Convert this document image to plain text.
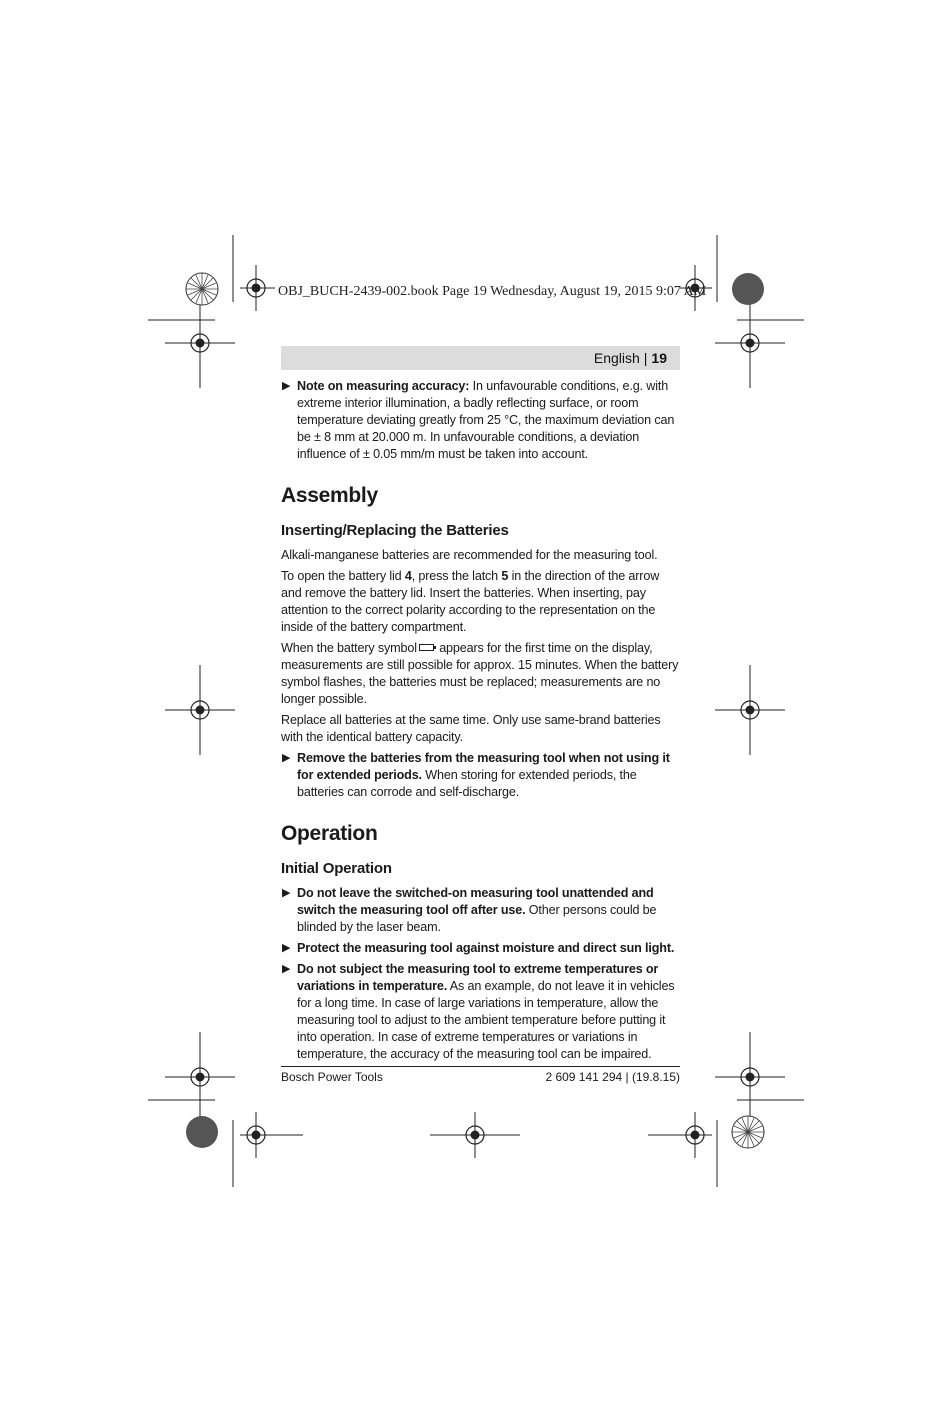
OBJ_BUCH-2439-002.book Page 19 Wednesday, August 19, 2015 9:07 AM
English | 19
▶ Note on measuring accuracy: In unfavourable conditions, e.g. with extreme interior illumination, a badly reflecting surface, or room temperature deviating greatly from 25 °C, the maximum deviation can be ± 8 mm at 20.000 m. In unfavourable conditions, a deviation influence of ± 0.05 mm/m must be taken into account.
Assembly
Inserting/Replacing the Batteries

Alkali-manganese batteries are recommended for the measuring tool.

To open the battery lid 4, press the latch 5 in the direction of the arrow and remove the battery lid. Insert the batteries. When inserting, pay attention to the correct polarity according to the representation on the inside of the battery compartment.

When the battery symbol appears for the first time on the display, measurements are still possible for approx. 15 minutes. When the battery symbol flashes, the batteries must be replaced; measurements are no longer possible.

Replace all batteries at the same time. Only use same-brand batteries with the identical battery capacity.

▶ Remove the batteries from the measuring tool when not using it for extended periods. When storing for extended periods, the batteries can corrode and self-discharge.
Operation
Initial Operation
▶ Do not leave the switched-on measuring tool unattended and switch the measuring tool off after use. Other persons could be blinded by the laser beam.
▶ Protect the measuring tool against moisture and direct sun light.
▶ Do not subject the measuring tool to extreme temperatures or variations in temperature. As an example, do not leave it in vehicles for a long time. In case of large variations in temperature, allow the measuring tool to adjust to the ambient temperature before putting it into operation. In case of extreme temperatures or variations in temperature, the accuracy of the measuring tool can be impaired.
Bosch Power Tools	2 609 141 294 | (19.8.15)
